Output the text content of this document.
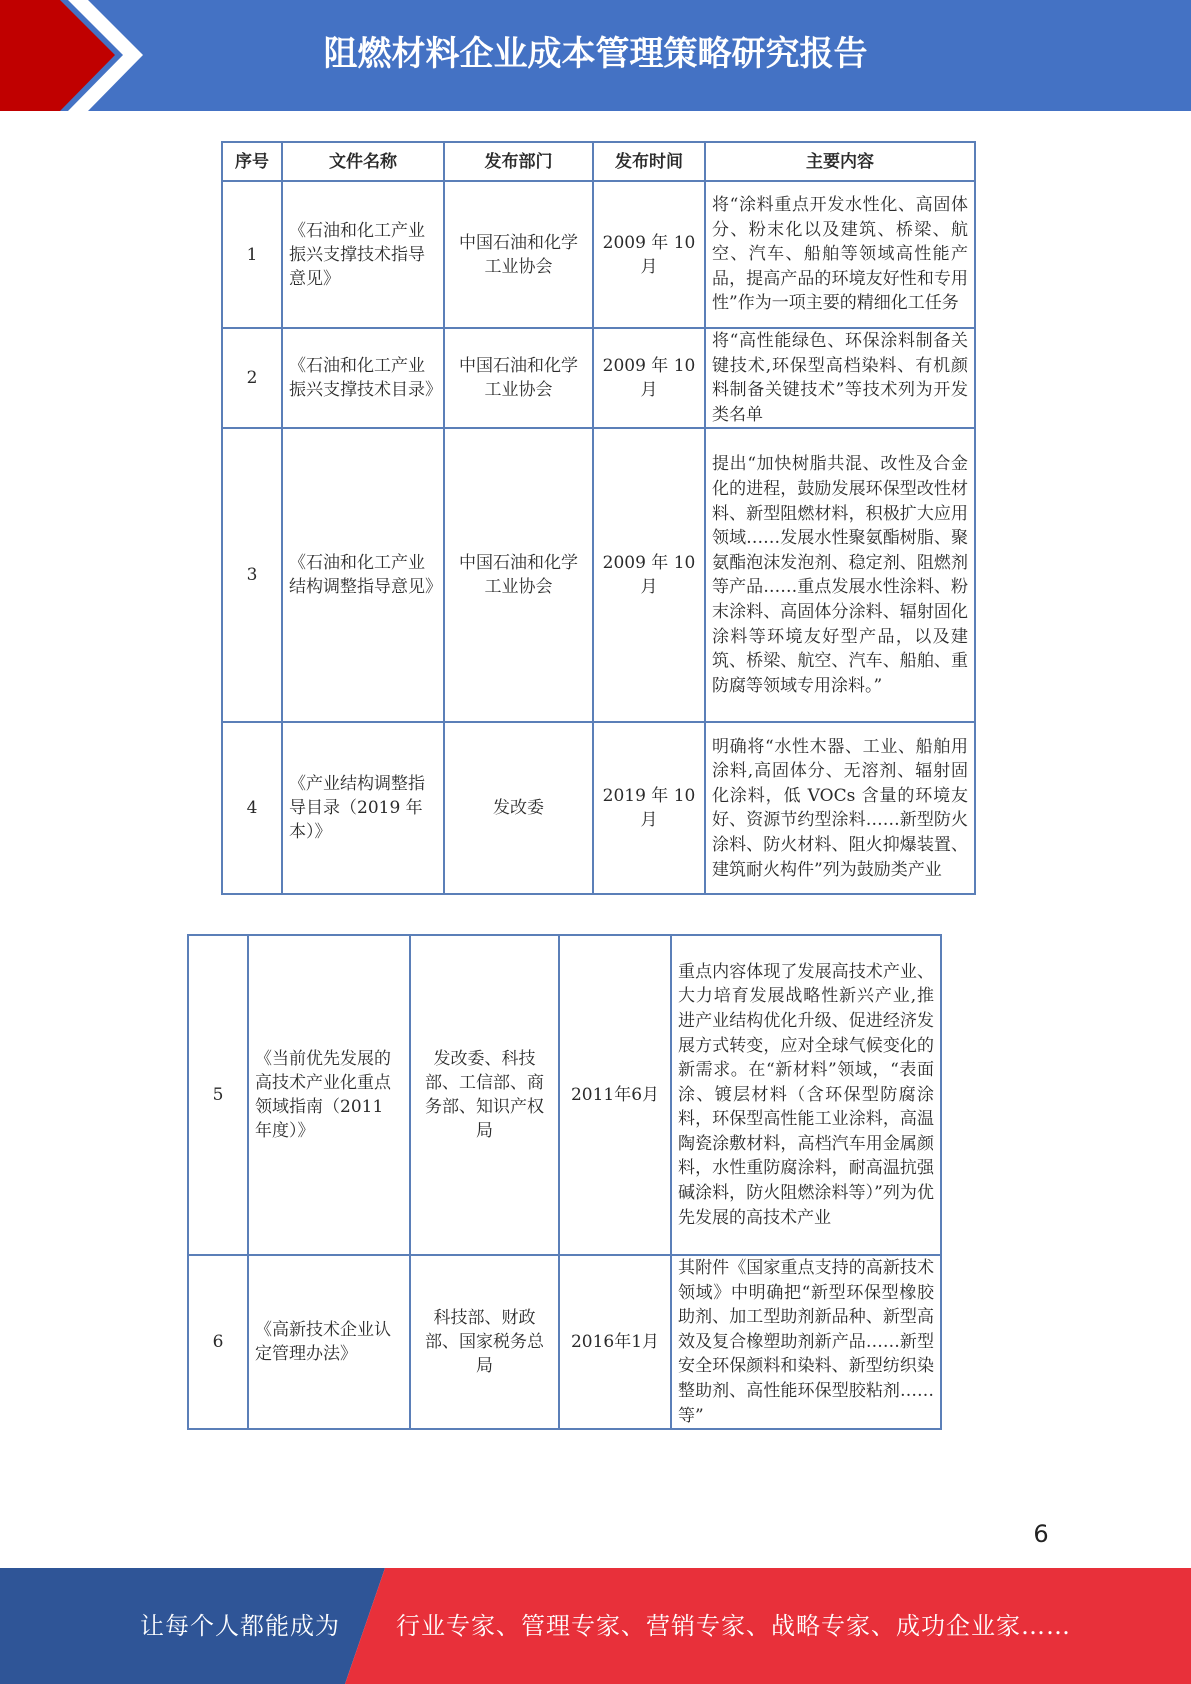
阻燃材料企业成本管理策略研究报告
序号	文件名称	发布部门	发布时间	主要内容
1	《石油和化工产业振兴支撑技术指导意见》	中国石油和化学工业协会	2009 年 10 月	将“涂料重点开发水性化、高固体分、粉末化以及建筑、桥梁、航空、汽车、船舶等领域高性能产品，提高产品的环境友好性和专用性”作为一项主要的精细化工任务
2	《石油和化工产业振兴支撑技术目录》	中国石油和化学工业协会	2009 年 10 月	将“高性能绿色、环保涂料制备关键技术,环保型高档染料、有机颜料制备关键技术”等技术列为开发类名单
3	《石油和化工产业结构调整指导意见》	中国石油和化学工业协会	2009 年 10 月	提出“加快树脂共混、改性及合金化的进程，鼓励发展环保型改性材料、新型阻燃材料，积极扩大应用领域……发展水性聚氨酯树脂、聚氨酯泡沫发泡剂、稳定剂、阻燃剂等产品……重点发展水性涂料、粉末涂料、高固体分涂料、辐射固化涂料等环境友好型产品，以及建筑、桥梁、航空、汽车、船舶、重防腐等领域专用涂料。”
4	《产业结构调整指导目录（2019 年本）》	发改委	2019 年 10 月	明确将“水性木器、工业、船舶用涂料,高固体分、无溶剂、辐射固化涂料，低 VOCs 含量的环境友好、资源节约型涂料……新型防火涂料、防火材料、阻火抑爆装置、建筑耐火构件”列为鼓励类产业
5	《当前优先发展的高技术产业化重点领域指南（2011 年度）》	发改委、科技部、工信部、商务部、知识产权局	2011年6月	重点内容体现了发展高技术产业、大力培育发展战略性新兴产业,推进产业结构优化升级、促进经济发展方式转变，应对全球气候变化的新需求。在“新材料”领域，“表面涂、镀层材料（含环保型防腐涂料，环保型高性能工业涂料，高温陶瓷涂敷材料，高档汽车用金属颜料，水性重防腐涂料，耐高温抗强碱涂料，防火阻燃涂料等）”列为优先发展的高技术产业
6	《高新技术企业认定管理办法》	科技部、财政部、国家税务总局	2016年1月	其附件《国家重点支持的高新技术领域》中明确把“新型环保型橡胶助剂、加工型助剂新品种、新型高效及复合橡塑助剂新产品……新型安全环保颜料和染料、新型纺织染整助剂、高性能环保型胶粘剂……等”
6
让每个人都能成为 行业专家、管理专家、营销专家、战略专家、成功企业家……
